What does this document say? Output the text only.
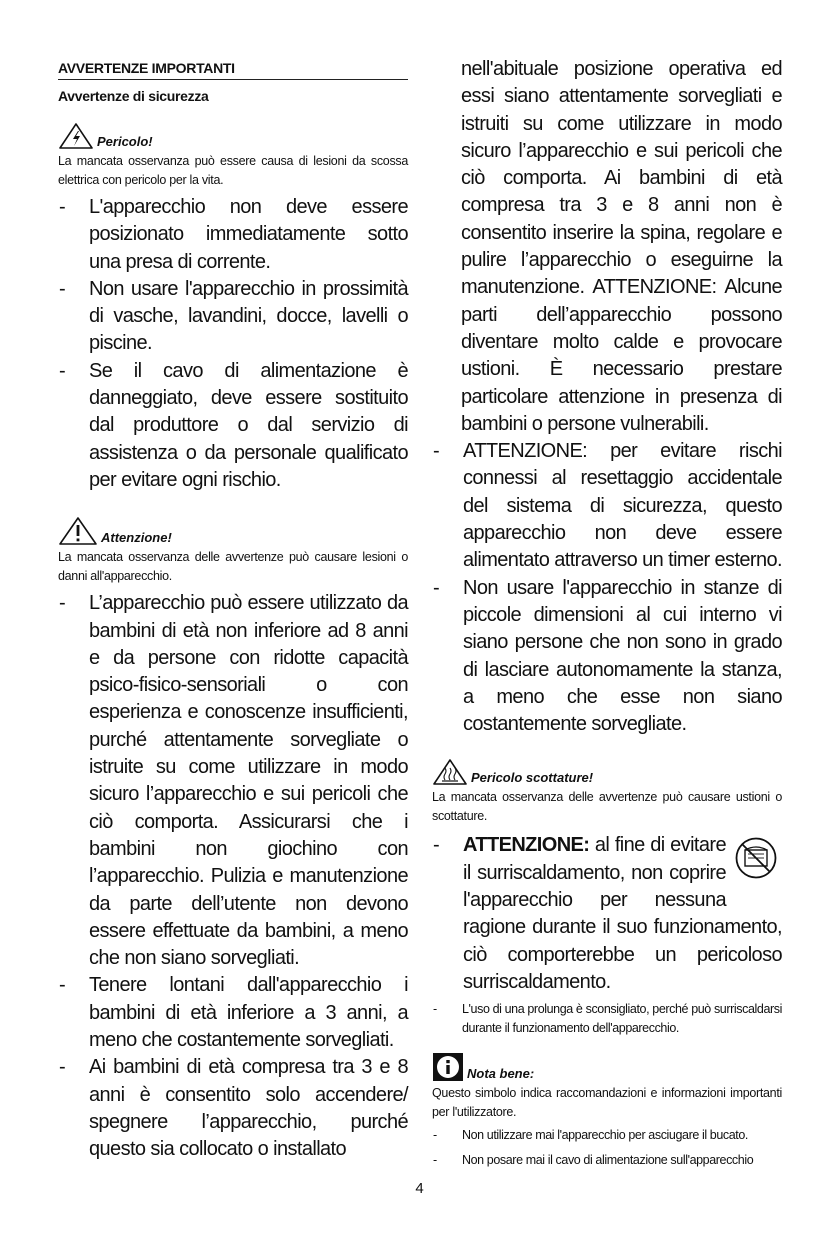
AVVERTENZE IMPORTANTI
Avvertenze di sicurezza
Pericolo!
La mancata osservanza può essere causa di lesioni da scossa elettrica con pericolo per la vita.
- L'apparecchio non deve essere posizionato immediatamente sotto una presa di corrente.
- Non usare l'apparecchio in prossimità di vasche, lavandini, docce, lavelli o piscine.
- Se il cavo di alimentazione è danneggiato, deve essere sostituito dal produttore o dal servizio di assistenza o da personale qualificato per evitare ogni rischio.
Attenzione!
La mancata osservanza delle avvertenze può causare lesioni o danni all'apparecchio.
- L’apparecchio può essere utilizzato da bambini di età non inferiore ad 8 anni e da persone con ridotte capacità psico-fisico-sensoriali o con esperienza e conoscenze insufficienti, purché attentamente sorvegliate o istruite su come utilizzare in modo sicuro l’apparecchio e sui pericoli che ciò comporta. Assicurarsi che i bambini non giochino con l’apparecchio. Pulizia e manutenzione da parte dell’utente non devono essere effettuate da bambini, a meno che non siano sorvegliati.
- Tenere lontani dall'apparecchio i bambini di età inferiore a 3 anni, a meno che costantemente sorvegliati.
- Ai bambini di età compresa tra 3 e 8 anni è consentito solo accendere/ spegnere l’apparecchio, purché questo sia collocato o installato
nell'abituale posizione operativa ed essi siano attentamente sorvegliati e istruiti su come utilizzare in modo sicuro l’apparecchio e sui pericoli che ciò comporta. Ai bambini di età compresa tra 3 e 8 anni non è consentito inserire la spina, regolare e pulire l’apparecchio o eseguirne la manutenzione. ATTENZIONE: Alcune parti dell’apparecchio possono diventare molto calde e provocare ustioni. È necessario prestare particolare attenzione in presenza di bambini o persone vulnerabili.
- ATTENZIONE: per evitare rischi connessi al resettaggio accidentale del sistema di sicurezza, questo apparecchio non deve essere alimentato attraverso un timer esterno.
- Non usare l'apparecchio in stanze di piccole dimensioni al cui interno vi siano persone che non sono in grado di lasciare autonomamente la stanza, a meno che esse non siano costantemente sorvegliate.
Pericolo scottature!
La mancata osservanza delle avvertenze può causare ustioni o scottature.
- ATTENZIONE: al fine di evitare il surriscaldamento, non coprire l'apparecchio per nessuna ragione durante il suo funzionamento, ciò comporterebbe un pericoloso surriscaldamento.
- L'uso di una prolunga è sconsigliato, perché può surriscaldarsi durante il funzionamento dell'apparecchio.
Nota bene:
Questo simbolo indica raccomandazioni e informazioni importanti per l'utilizzatore.
- Non utilizzare mai l'apparecchio per asciugare il bucato.
- Non posare mai il cavo di alimentazione sull'apparecchio
4
